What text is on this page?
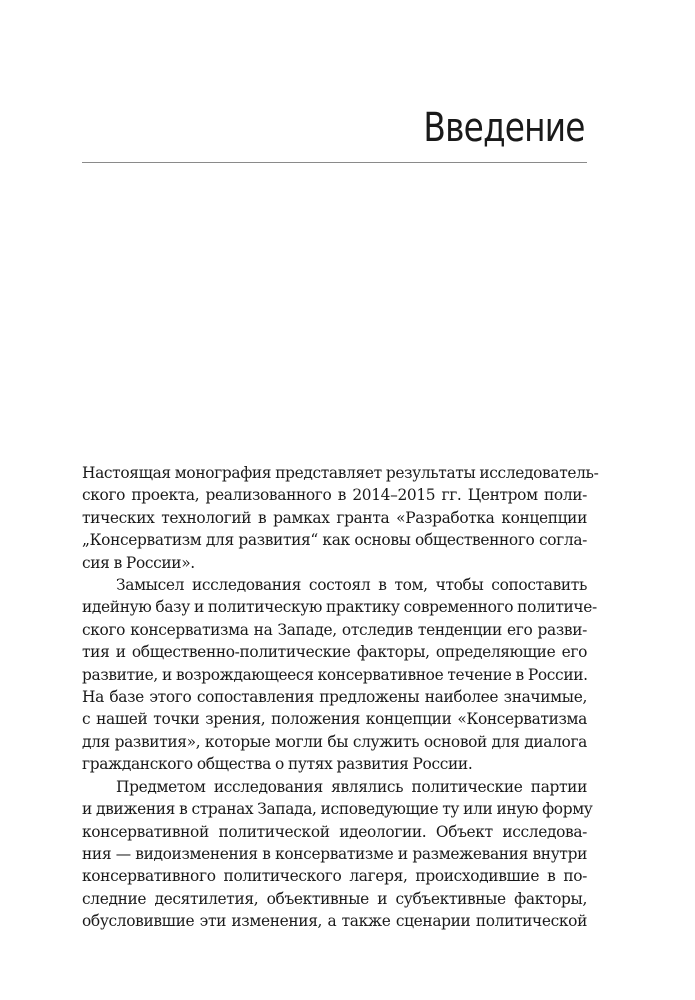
Введение
Настоящая монография представляет результаты исследователь-
ского проекта, реализованного в 2014–2015 гг. Центром поли-
тических технологий в рамках гранта «Разработка концепции
„Консерватизм для развития“ как основы общественного согла-
сия в России».
Замысел исследования состоял в том, чтобы сопоставить
идейную базу и политическую практику современного политиче-
ского консерватизма на Западе, отследив тенденции его разви-
тия и общественно-политические факторы, определяющие его
развитие, и возрождающееся консервативное течение в России.
На базе этого сопоставления предложены наиболее значимые,
с нашей точки зрения, положения концепции «Консерватизма
для развития», которые могли бы служить основой для диалога
гражданского общества о путях развития России.
Предметом исследования являлись политические партии
и движения в странах Запада, исповедующие ту или иную форму
консервативной политической идеологии. Объект исследова-
ния — видоизменения в консерватизме и размежевания внутри
консервативного политического лагеря, происходившие в по-
следние десятилетия, объективные и субъективные факторы,
обусловившие эти изменения, а также сценарии политической
